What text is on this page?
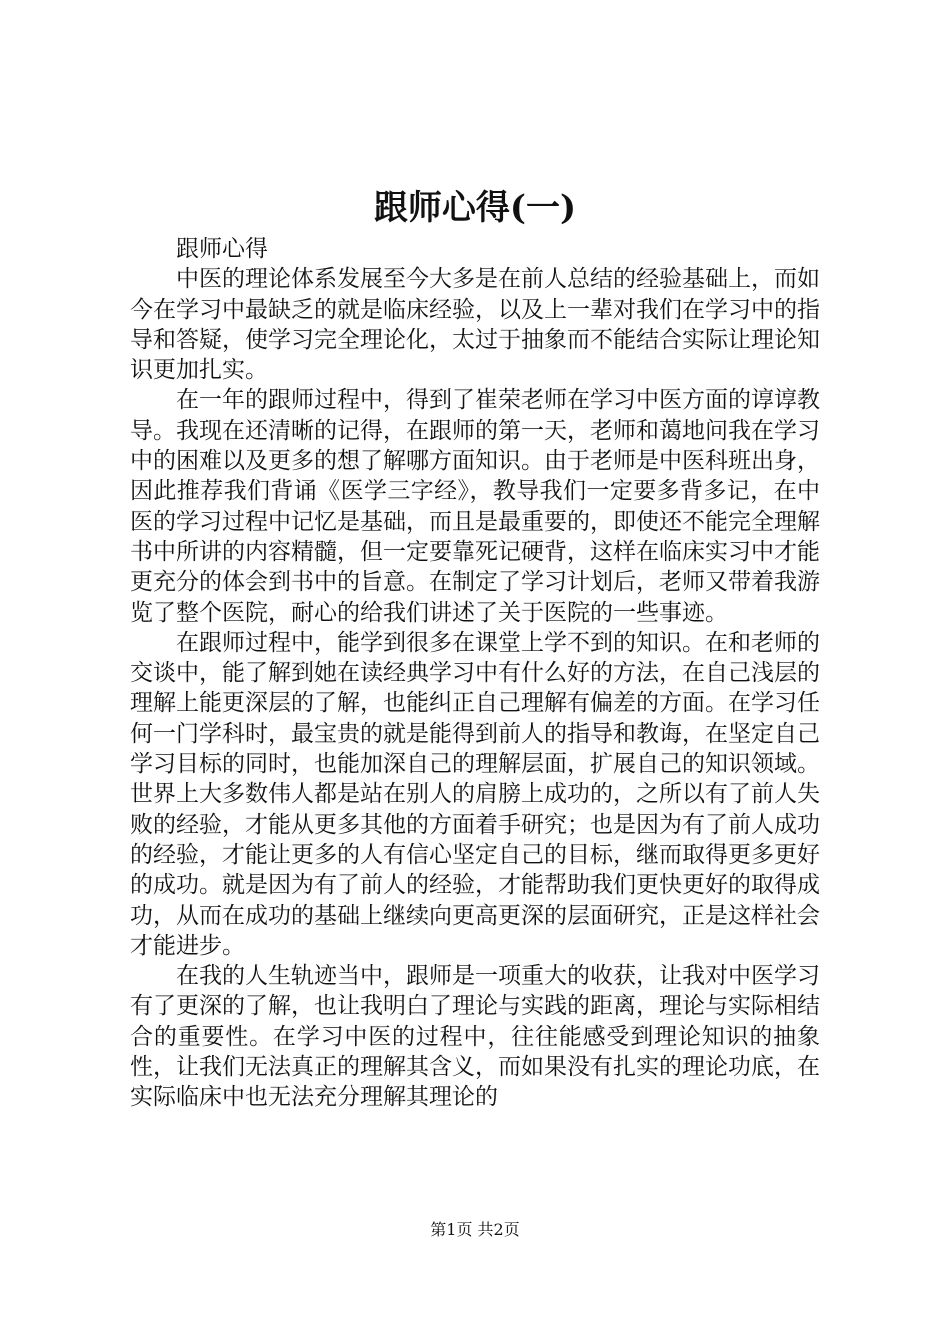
跟师心得(一)

跟师心得

中医的理论体系发展至今大多是在前人总结的经验基础上，而如今在学习中最缺乏的就是临床经验，以及上一辈对我们在学习中的指导和答疑，使学习完全理论化，太过于抽象而不能结合实际让理论知识更加扎实。

在一年的跟师过程中，得到了崔荣老师在学习中医方面的谆谆教导。我现在还清晰的记得，在跟师的第一天，老师和蔼地问我在学习中的困难以及更多的想了解哪方面知识。由于老师是中医科班出身，因此推荐我们背诵《医学三字经》，教导我们一定要多背多记，在中医的学习过程中记忆是基础，而且是最重要的，即使还不能完全理解书中所讲的内容精髓，但一定要靠死记硬背，这样在临床实习中才能更充分的体会到书中的旨意。在制定了学习计划后，老师又带着我游览了整个医院，耐心的给我们讲述了关于医院的一些事迹。

在跟师过程中，能学到很多在课堂上学不到的知识。在和老师的交谈中，能了解到她在读经典学习中有什么好的方法，在自己浅层的理解上能更深层的了解，也能纠正自己理解有偏差的方面。在学习任何一门学科时，最宝贵的就是能得到前人的指导和教诲，在坚定自己学习目标的同时，也能加深自己的理解层面，扩展自己的知识领域。世界上大多数伟人都是站在别人的肩膀上成功的，之所以有了前人失败的经验，才能从更多其他的方面着手研究；也是因为有了前人成功的经验，才能让更多的人有信心坚定自己的目标，继而取得更多更好的成功。就是因为有了前人的经验，才能帮助我们更快更好的取得成功，从而在成功的基础上继续向更高更深的层面研究，正是这样社会才能进步。

在我的人生轨迹当中，跟师是一项重大的收获，让我对中医学习有了更深的了解，也让我明白了理论与实践的距离，理论与实际相结合的重要性。在学习中医的过程中，往往能感受到理论知识的抽象性，让我们无法真正的理解其含义，而如果没有扎实的理论功底，在实际临床中也无法充分理解其理论的

第1页 共2页
